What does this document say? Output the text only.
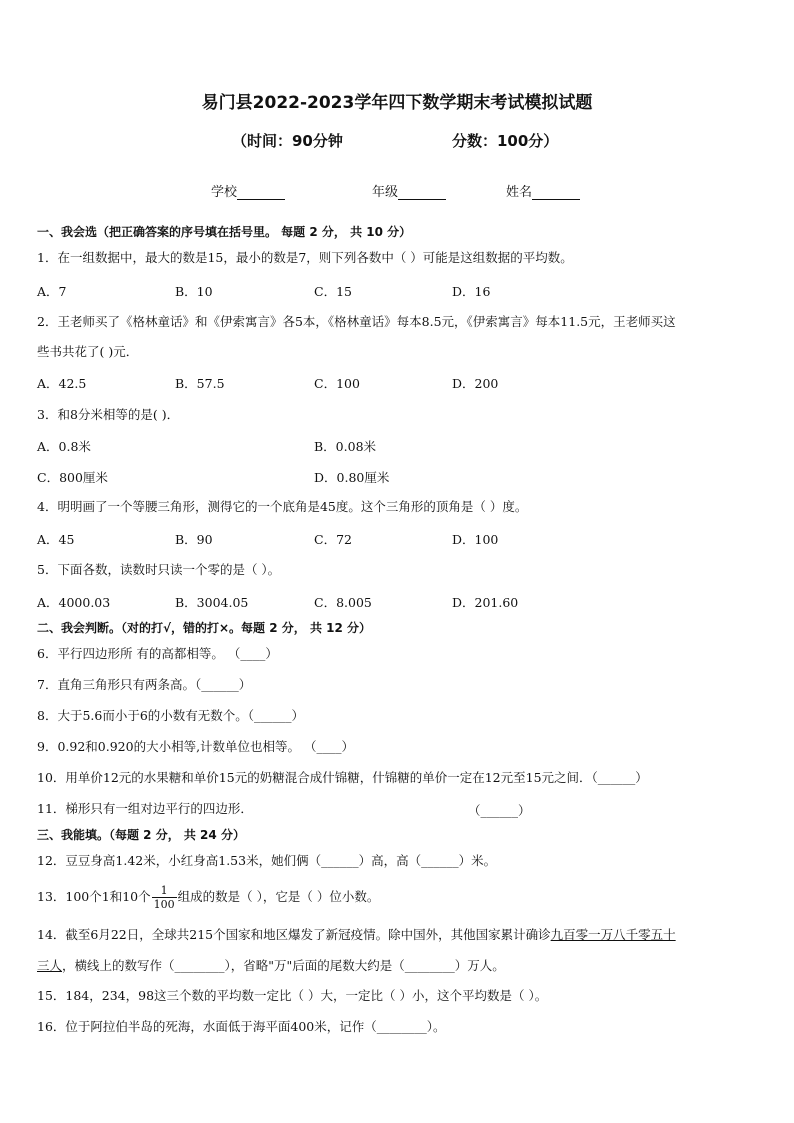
易门县2022-2023学年四下数学期末考试模拟试题
（时间：90分钟	分数：100分）
学校	年级	姓名
一、我会选（把正确答案的序号填在括号里。 每题 2 分， 共 10 分）
1．在一组数据中，最大的数是15，最小的数是7，则下列各数中（ ）可能是这组数据的平均数。
A．7	B．10	C．15	D．16
2．王老师买了《格林童话》和《伊索寓言》各5本，《格林童话》每本8.5元，《伊索寓言》每本11.5元，王老师买这
些书共花了( )元．
A．42.5	B．57.5	C．100	D．200
3．和8分米相等的是( )．
A．0.8米	B．0.08米
C．800厘米	D．0.80厘米
4．明明画了一个等腰三角形，测得它的一个底角是45度。这个三角形的顶角是（ ）度。
A．45	B．90	C．72	D．100
5．下面各数，读数时只读一个零的是（ ）。
A．4000.03	B．3004.05	C．8.005	D．201.60
二、我会判断。（对的打√，错的打×。每题 2 分， 共 12 分）
6．平行四边形所 有的高都相等。 （____）
7．直角三角形只有两条高。（______）
8．大于5.6而小于6的小数有无数个。（______）
9．0.92和0.920的大小相等,计数单位也相等。 （____）
10．用单价12元的水果糖和单价15元的奶糖混合成什锦糖，什锦糖的单价一定在12元至15元之间．（______）
11．梯形只有一组对边平行的四边形．	（______）
三、我能填。（每题 2 分， 共 24 分）
12．豆豆身高1.42米，小红身高1.53米，她们俩（______）高，高（______）米。
13．100个1和10个 $\frac{1}{100}$ 组成的数是（ ），它是（ ）位小数。
14．截至6月22日，全球共215个国家和地区爆发了新冠疫情。除中国外，其他国家累计确诊九百零一万八千零五十
三人，横线上的数写作（________），省略"万"后面的尾数大约是（________）万人。
15．184，234，98这三个数的平均数一定比（ ）大，一定比（ ）小，这个平均数是（ ）。
16．位于阿拉伯半岛的死海，水面低于海平面400米，记作（________）。
